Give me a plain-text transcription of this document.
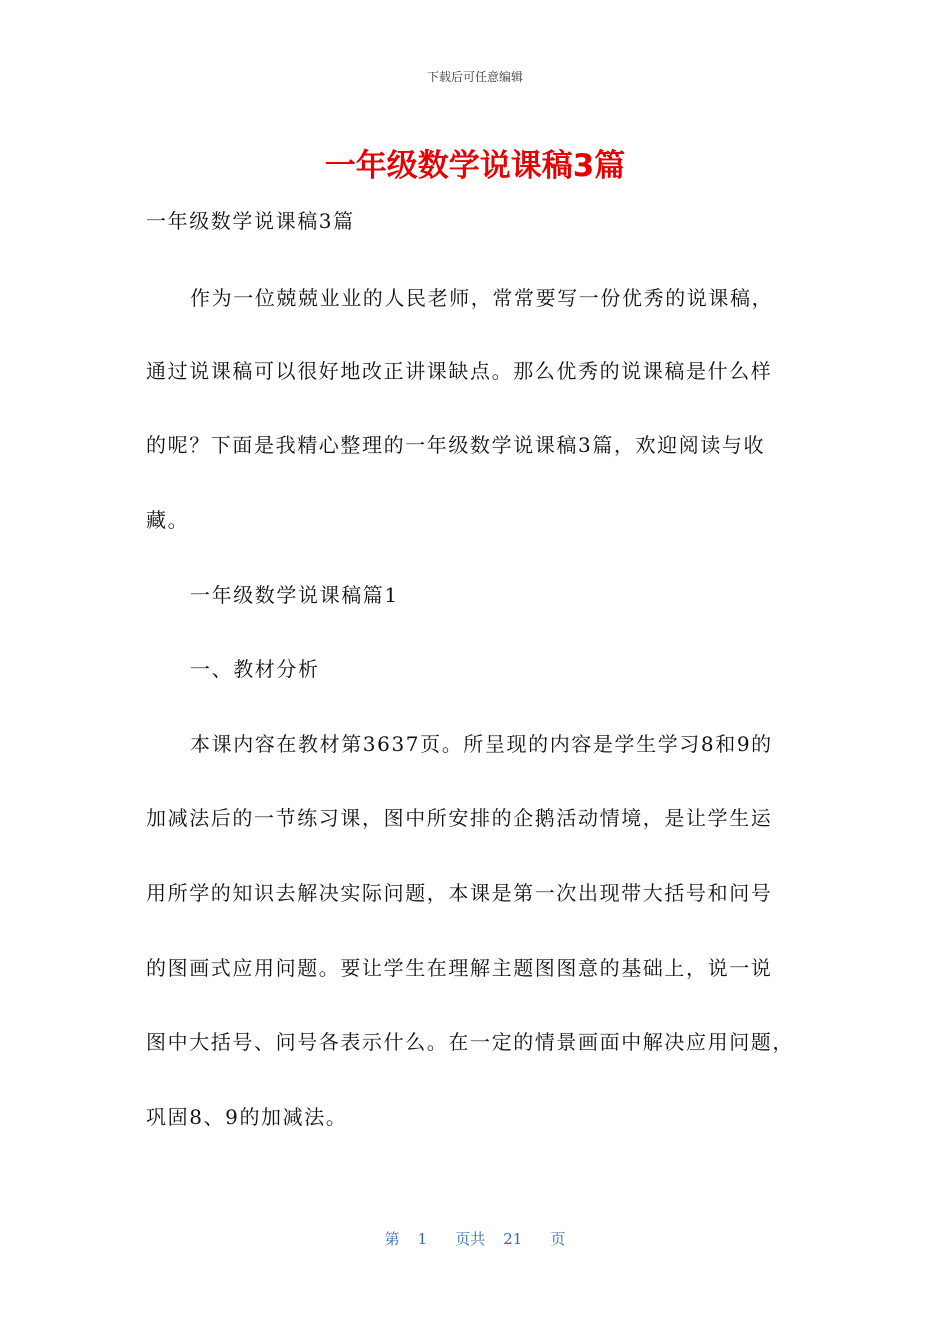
下载后可任意编辑
一年级数学说课稿3篇
一年级数学说课稿3篇
作为一位兢兢业业的人民老师，常常要写一份优秀的说课稿，
通过说课稿可以很好地改正讲课缺点。那么优秀的说课稿是什么样
的呢？下面是我精心整理的一年级数学说课稿3篇，欢迎阅读与收
藏。
一年级数学说课稿篇1
一、教材分析
本课内容在教材第3637页。所呈现的内容是学生学习8和9的
加减法后的一节练习课，图中所安排的企鹅活动情境，是让学生运
用所学的知识去解决实际问题，本课是第一次出现带大括号和问号
的图画式应用问题。要让学生在理解主题图图意的基础上，说一说
图中大括号、问号各表示什么。在一定的情景画面中解决应用问题，
巩固8、9的加减法。
第 1 页共 21 页
